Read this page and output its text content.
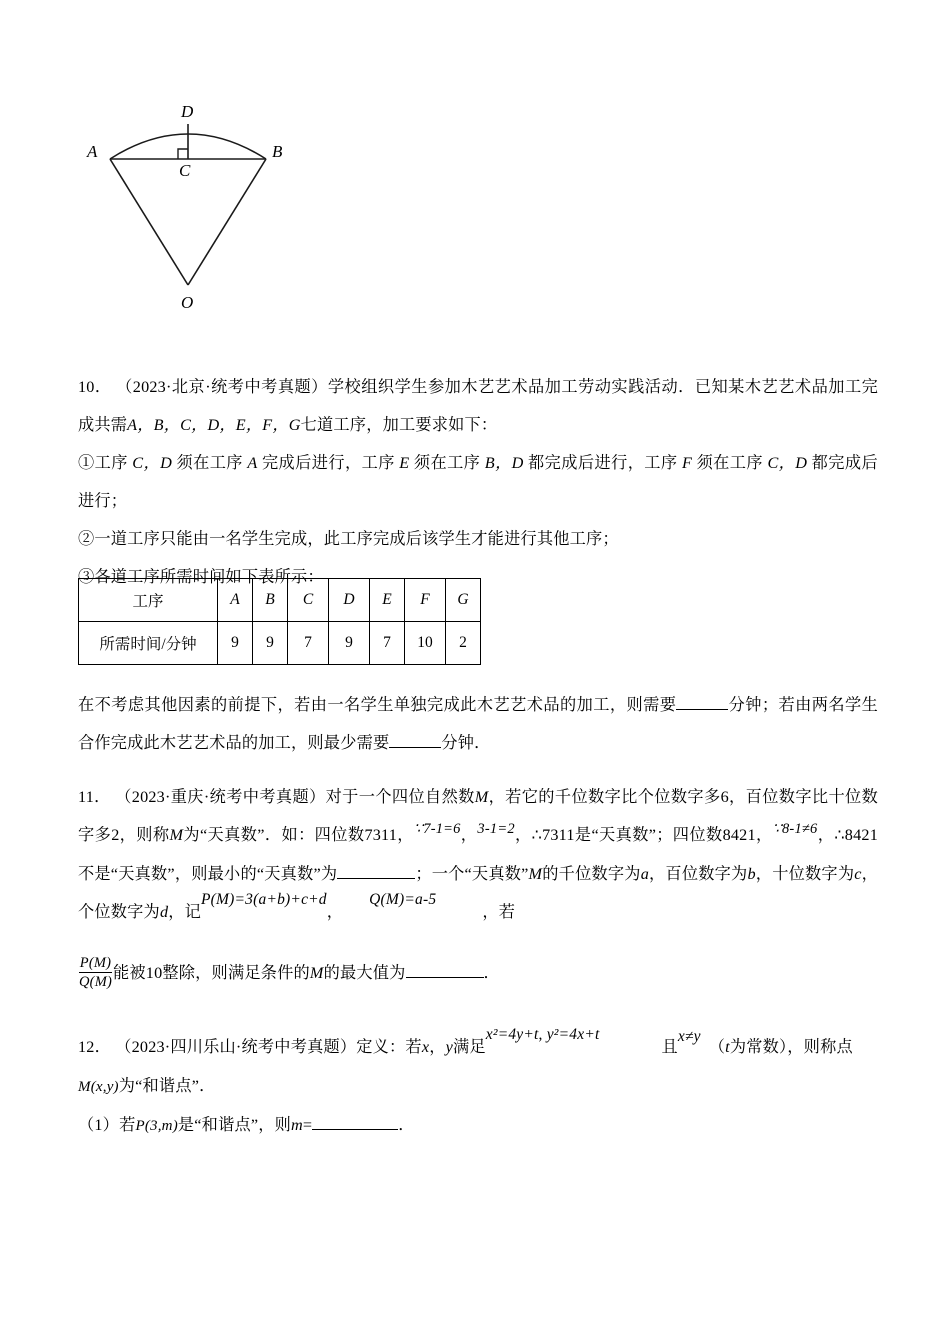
D
A	B
C
O
10． （2023·北京·统考中考真题）学校组织学生参加木艺艺术品加工劳动实践活动．已知某木艺艺术品加工完成共需A，B，C，D，E，F，G七道工序，加工要求如下：
①工序 C，D 须在工序 A 完成后进行，工序 E 须在工序 B，D 都完成后进行，工序 F 须在工序 C，D 都完成后进行；
②一道工序只能由一名学生完成，此工序完成后该学生才能进行其他工序；
③各道工序所需时间如下表所示：
在不考虑其他因素的前提下，若由一名学生单独完成此木艺艺术品的加工，则需要	分钟；若由两名学生合作完成此木艺艺术品的加工，则最少需要	分钟．
11． （2023·重庆·统考中考真题）对于一个四位自然数M，若它的千位数字比个位数字多6，百位数字比十位数字多2，则称M为“天真数”．如：四位数7311，∵7-1=6，3-1=2，∴7311是“天真数”；四位数8421，∵8-1≠6，∴8421不是“天真数”，则最小的“天真数”为	；一个“天真数”M的千位数字为a，百位数字为b，十位数字为c，个位数字为d，记P(M)=3(a+b)+c+d，Q(M)=a-5，若
$\frac{P(M)}{Q(M)}$ 能被10整除，则满足条件的M的最大值为	．
12． （2023·四川乐山·统考中考真题）定义：若x，y满足x²=4y+t, y²=4x+t且x≠y（t为常数），则称点
M(x,y)为“和谐点”．
（1）若P(3,m)是“和谐点”，则m=	．
工序	A	B	C	D	E	F	G
所需时间/分钟	9	9	7	9	7	10	2
